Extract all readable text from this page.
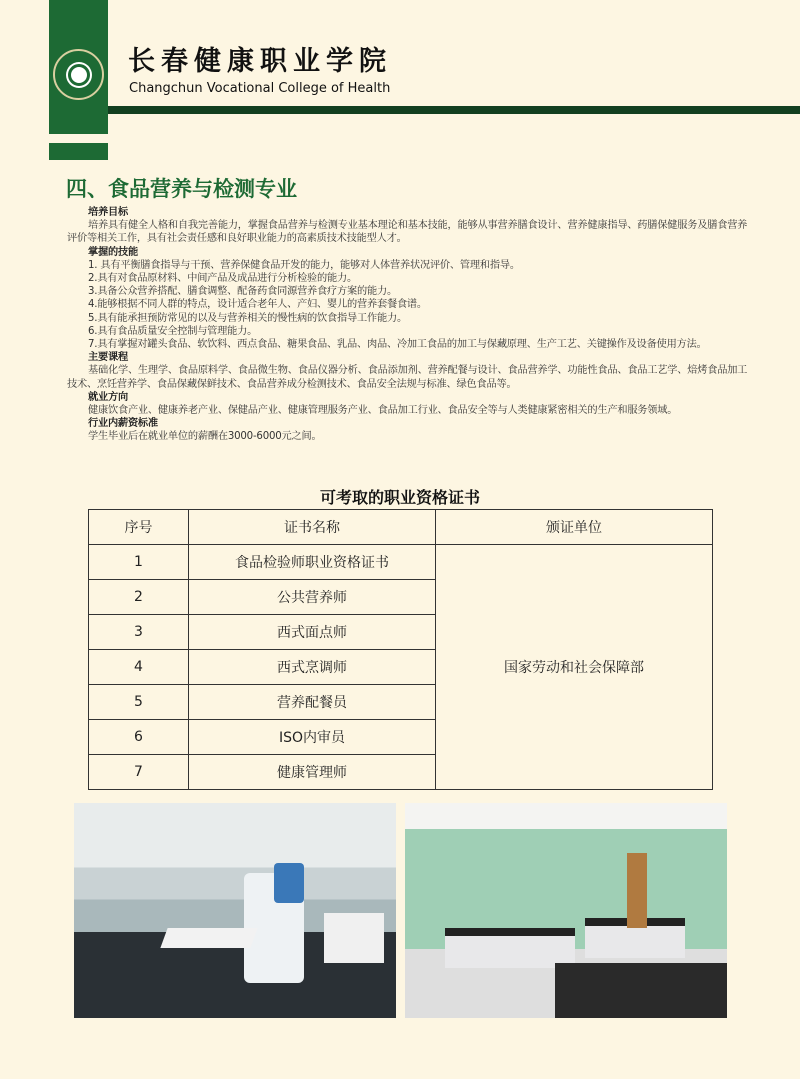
长春健康职业学院
Changchun Vocational College of Health
四、食品营养与检测专业
培养目标

培养具有健全人格和自我完善能力，掌握食品营养与检测专业基本理论和基本技能，能够从事营养膳食设计、营养健康指导、药膳保健服务及膳食营养评价等相关工作，具有社会责任感和良好职业能力的高素质技术技能型人才。

掌握的技能

1. 具有平衡膳食指导与干预、营养保健食品开发的能力，能够对人体营养状况评价、管理和指导。

2.具有对食品原材料、中间产品及成品进行分析检验的能力。

3.具备公众营养搭配、膳食调整、配备药食同源营养食疗方案的能力。

4.能够根据不同人群的特点，设计适合老年人、产妇、婴儿的营养套餐食谱。

5.具有能承担预防常见的以及与营养相关的慢性病的饮食指导工作能力。

6.具有食品质量安全控制与管理能力。

7.具有掌握对罐头食品、软饮料、西点食品、糖果食品、乳品、肉品、冷加工食品的加工与保藏原理、生产工艺、关键操作及设备使用方法。

主要课程

基础化学、生理学、食品原料学、食品微生物、食品仪器分析、食品添加剂、营养配餐与设计、食品营养学、功能性食品、食品工艺学、焙烤食品加工技术、烹饪营养学、食品保藏保鲜技术、食品营养成分检测技术、食品安全法规与标准、绿色食品等。

就业方向

健康饮食产业、健康养老产业、保健品产业、健康管理服务产业、食品加工行业、食品安全等与人类健康紧密相关的生产和服务领域。

行业内薪资标准

学生毕业后在就业单位的薪酬在3000-6000元之间。

可考取的职业资格证书
序号	证书名称	颁证单位
1	食品检验师职业资格证书	国家劳动和社会保障部
2	公共营养师	
3	西式面点师	
4	西式烹调师	
5	营养配餐员	
6	ISO内审员	
7	健康管理师	
